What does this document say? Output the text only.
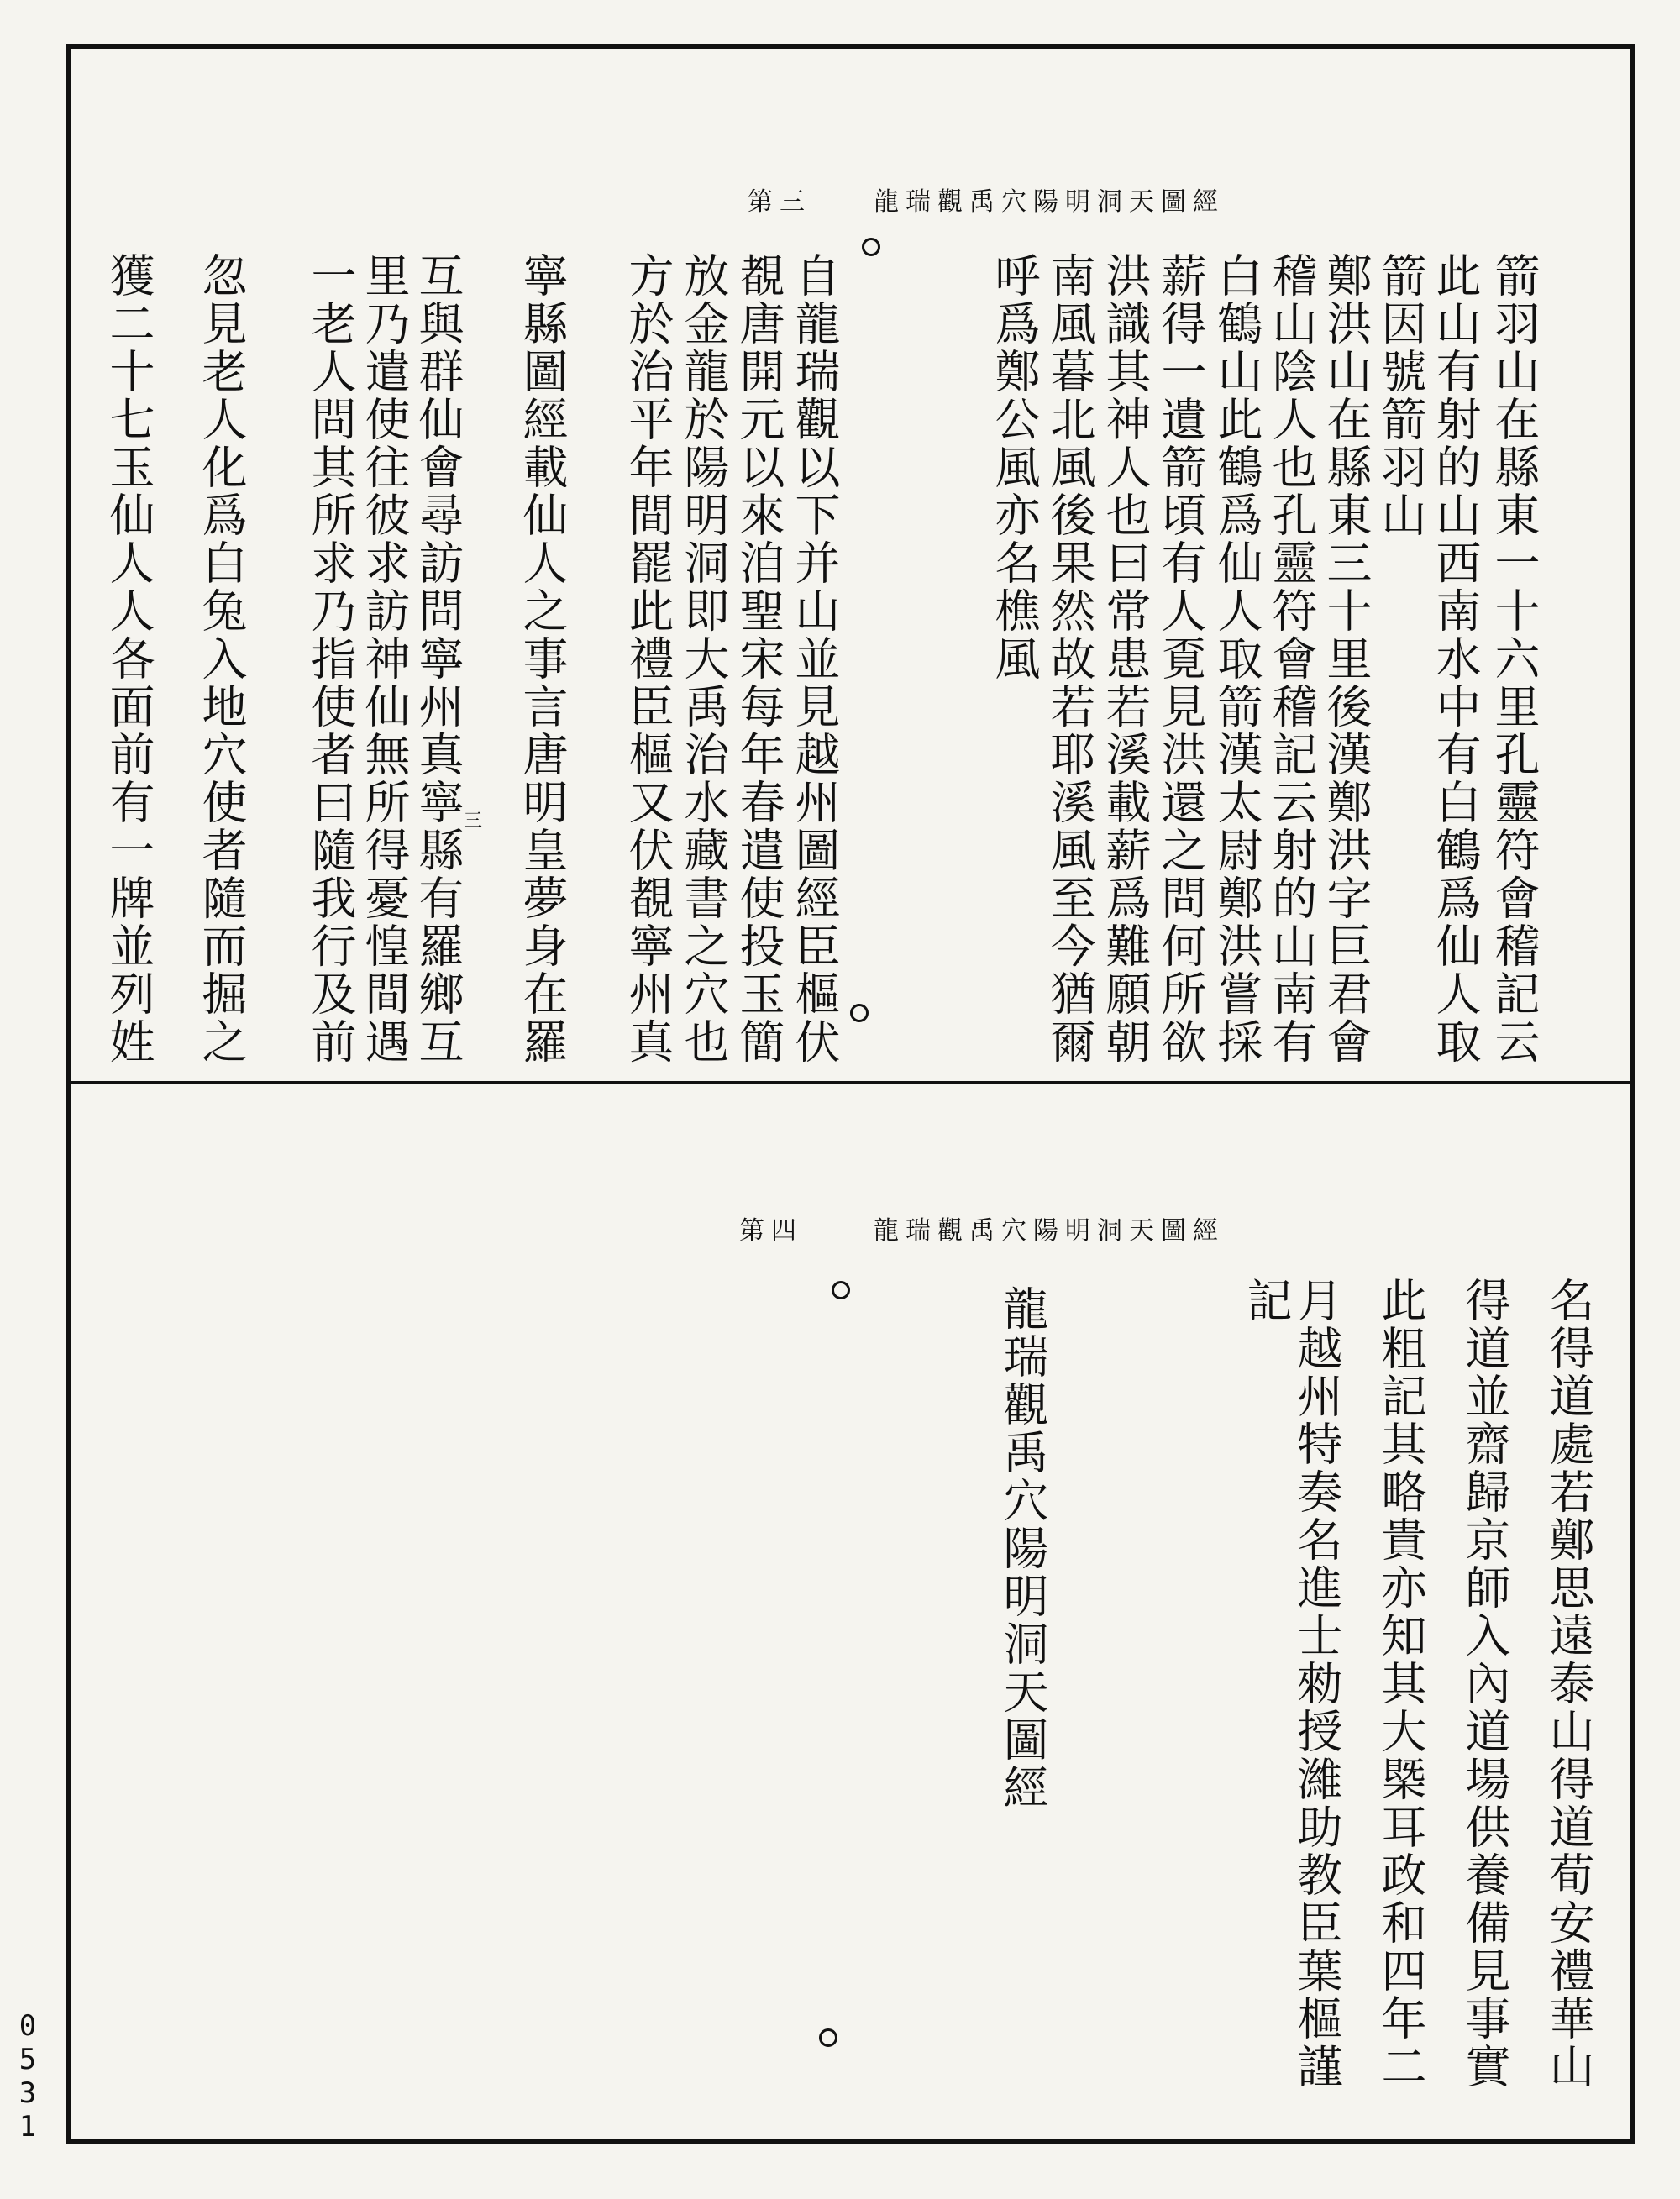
龍瑞觀禹穴陽明洞天圖經
第三
箭羽山在縣東一十六里孔靈符會稽記云
此山有射的山西南水中有白鶴爲仙人取
箭因號箭羽山
鄭洪山在縣東三十里後漢鄭洪字巨君會
稽山陰人也孔靈符會稽記云射的山南有
白鶴山此鶴爲仙人取箭漢太尉鄭洪嘗採
薪得一遺箭頃有人覔見洪還之問何所欲
洪識其神人也曰常患若溪載薪爲難願朝
南風暮北風後果然故若耶溪風至今猶爾
呼爲鄭公風亦名樵風
自龍瑞觀以下并山並見越州圖經臣樞伏
覩唐開元以來洎聖宋每年春遣使投玉簡
放金龍於陽明洞即大禹治水藏書之穴也
方於治平年間罷此禮臣樞又伏覩寧州真
寧縣圖經載仙人之事言唐明皇夢身在羅
互與群仙會尋訪問寧州真寧縣有羅鄉互
里乃遣使往彼求訪神仙無所得憂惶間遇
一老人問其所求乃指使者曰隨我行及前
忽見老人化爲白兔入地穴使者隨而掘之
獲二十七玉仙人人各面前有一牌並列姓	三
龍瑞觀禹穴陽明洞天圖經
第四
名得道處若鄭思遠泰山得道荀安禮華山
得道並齋歸京師入內道場供養備見事實
此粗記其略貴亦知其大槩耳政和四年二
月越州特奏名進士勑授濰助教臣葉樞謹
記
龍瑞觀禹穴陽明洞天圖經
0
5
3
1
